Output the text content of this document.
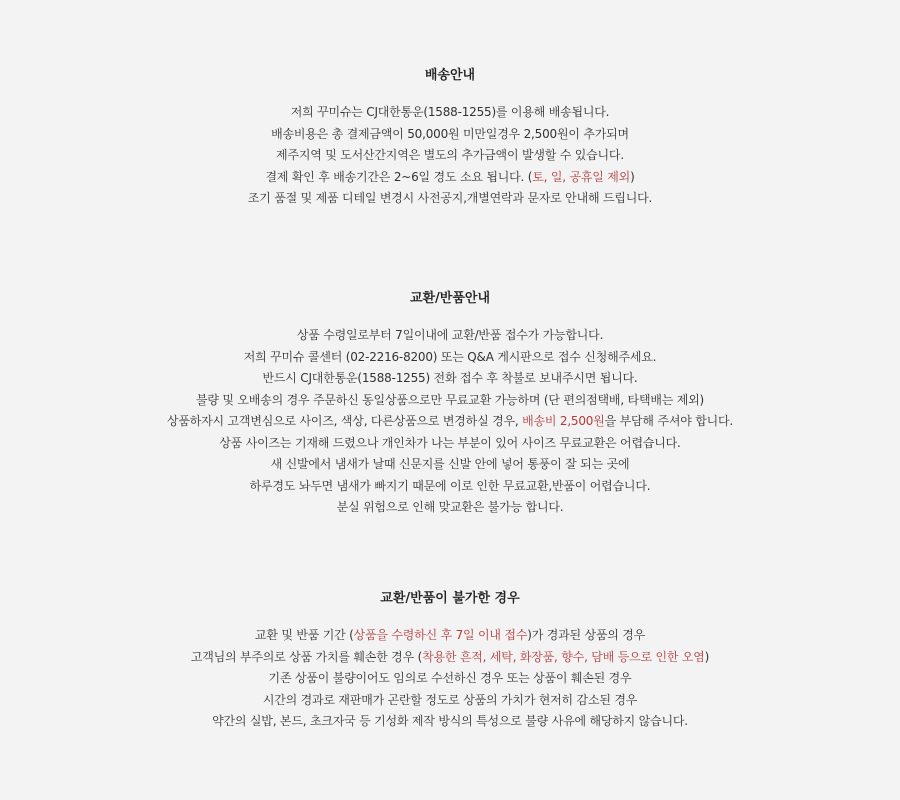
배송안내
저희 꾸미슈는 CJ대한통운(1588-1255)를 이용해 배송됩니다.
배송비용은 총 결제금액이 50,000원 미만일경우 2,500원이 추가되며
제주지역 및 도서산간지역은 별도의 추가금액이 발생할 수 있습니다.
결제 확인 후 배송기간은 2~6일 경도 소요 됩니다. (토, 일, 공휴일 제외)
조기 품절 및 제품 디테일 변경시 사전공지,개별연락과 문자로 안내해 드립니다.
교환/반품안내
상품 수령일로부터 7일이내에 교환/반품 접수가 가능합니다.
저희 꾸미슈 콜센터 (02-2216-8200) 또는 Q&A 게시판으로 접수 신청해주세요.
반드시 CJ대한통운(1588-1255) 전화 접수 후 착불로 보내주시면 됩니다.
불량 및 오배송의 경우 주문하신 동일상품으로만 무료교환 가능하며 (단 편의점택배, 타택배는 제외)
상품하자시 고객변심으로 사이즈, 색상, 다른상품으로 변경하실 경우, 배송비 2,500원을 부담해 주셔야 합니다.
상품 사이즈는 기재해 드렸으나 개인차가 나는 부분이 있어 사이즈 무료교환은 어렵습니다.
새 신발에서 냄새가 날때 신문지를 신발 안에 넣어 통풍이 잘 되는 곳에
하루경도 놔두면 냄새가 빠지기 때문에 이로 인한 무료교환,반품이 어렵습니다.
분실 위험으로 인해 맞교환은 불가능 합니다.
교환/반품이 불가한 경우
교환 및 반품 기간 (상품을 수령하신 후 7일 이내 접수)가 경과된 상품의 경우
고객님의 부주의로 상품 가치를 훼손한 경우 (착용한 흔적, 세탁, 화장품, 향수, 담배 등으로 인한 오염)
기존 상품이 불량이어도 임의로 수선하신 경우 또는 상품이 훼손된 경우
시간의 경과로 재판매가 곤란할 정도로 상품의 가치가 현저히 감소된 경우
약간의 실밥, 본드, 초크자국 등 기성화 제작 방식의 특성으로 불량 사유에 해당하지 않습니다.
